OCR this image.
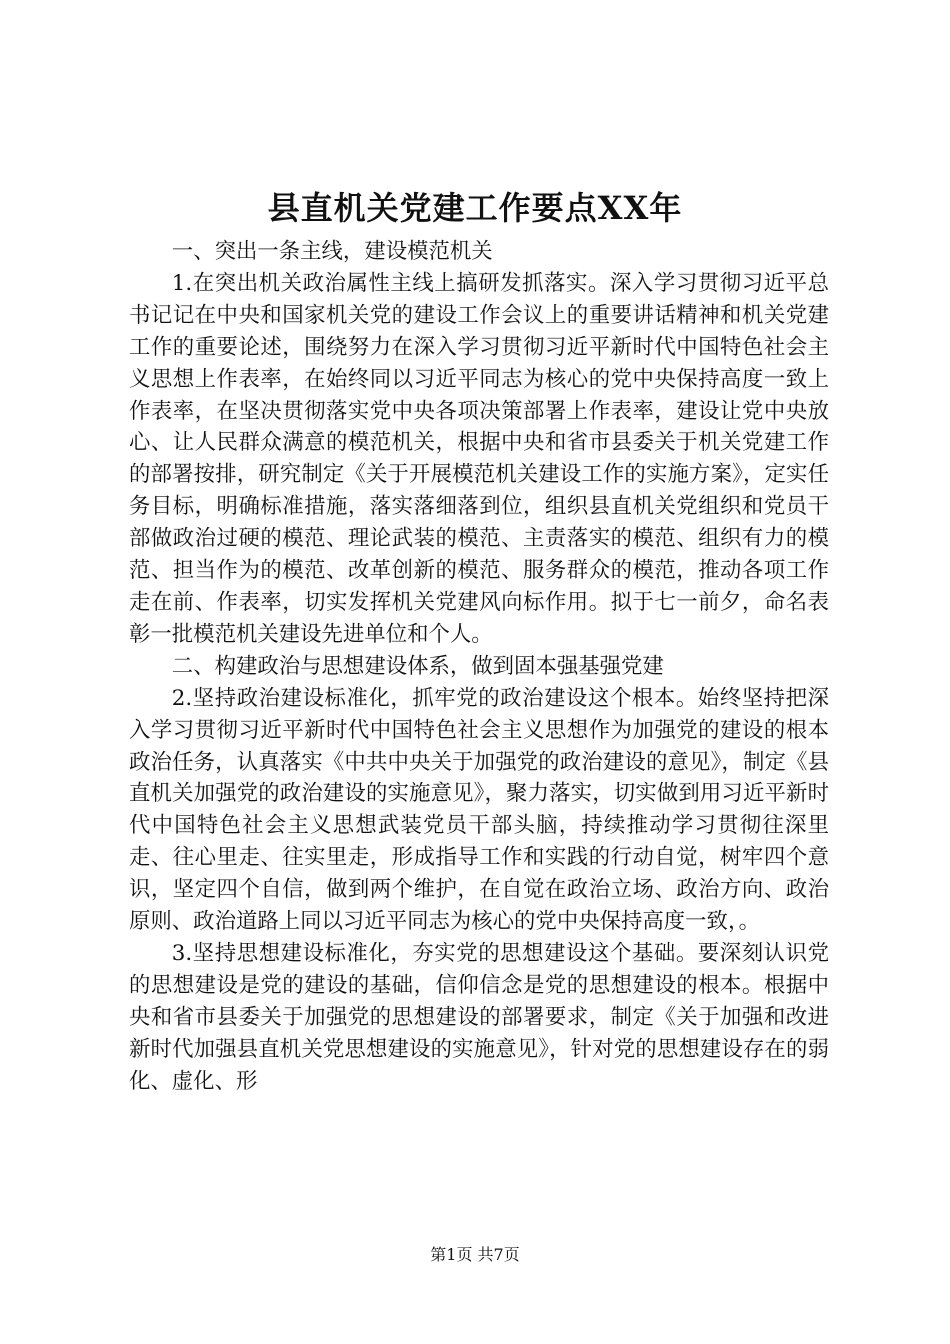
县直机关党建工作要点XX年

一、突出一条主线，建设模范机关

1.在突出机关政治属性主线上搞研发抓落实。深入学习贯彻习近平总书记记在中央和国家机关党的建设工作会议上的重要讲话精神和机关党建工作的重要论述，围绕努力在深入学习贯彻习近平新时代中国特色社会主义思想上作表率，在始终同以习近平同志为核心的党中央保持高度一致上作表率，在坚决贯彻落实党中央各项决策部署上作表率，建设让党中央放心、让人民群众满意的模范机关，根据中央和省市县委关于机关党建工作的部署按排，研究制定《关于开展模范机关建设工作的实施方案》，定实任务目标，明确标准措施，落实落细落到位，组织县直机关党组织和党员干部做政治过硬的模范、理论武装的模范、主责落实的模范、组织有力的模范、担当作为的模范、改革创新的模范、服务群众的模范，推动各项工作走在前、作表率，切实发挥机关党建风向标作用。拟于七一前夕，命名表彰一批模范机关建设先进单位和个人。

二、构建政治与思想建设体系，做到固本强基强党建

2.坚持政治建设标准化，抓牢党的政治建设这个根本。始终坚持把深入学习贯彻习近平新时代中国特色社会主义思想作为加强党的建设的根本政治任务，认真落实《中共中央关于加强党的政治建设的意见》，制定《县直机关加强党的政治建设的实施意见》，聚力落实，切实做到用习近平新时代中国特色社会主义思想武装党员干部头脑，持续推动学习贯彻往深里走、往心里走、往实里走，形成指导工作和实践的行动自觉，树牢四个意识，坚定四个自信，做到两个维护，在自觉在政治立场、政治方向、政治原则、政治道路上同以习近平同志为核心的党中央保持高度一致，。

3.坚持思想建设标准化，夯实党的思想建设这个基础。要深刻认识党的思想建设是党的建设的基础，信仰信念是党的思想建设的根本。根据中央和省市县委关于加强党的思想建设的部署要求，制定《关于加强和改进新时代加强县直机关党思想建设的实施意见》，针对党的思想建设存在的弱化、虚化、形

第1页 共7页
